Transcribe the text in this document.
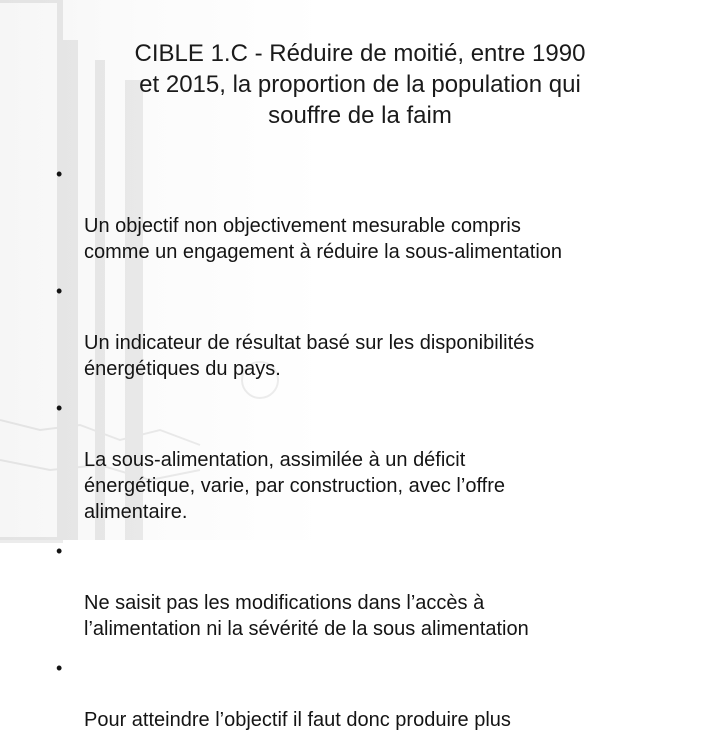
CIBLE 1.C - Réduire de moitié, entre 1990
et 2015, la proportion de la population qui
souffre de la faim

•

Un objectif non objectivement mesurable compris
comme un engagement à réduire la sous-alimentation

•

Un indicateur de résultat basé sur les disponibilités
énergétiques du pays.

•

La sous-alimentation, assimilée à un déficit
énergétique, varie, par construction, avec l’offre
alimentaire.

•

Ne saisit pas les modifications dans l’accès à
l’alimentation ni la sévérité de la sous alimentation

•

Pour atteindre l’objectif il faut donc produire plus
